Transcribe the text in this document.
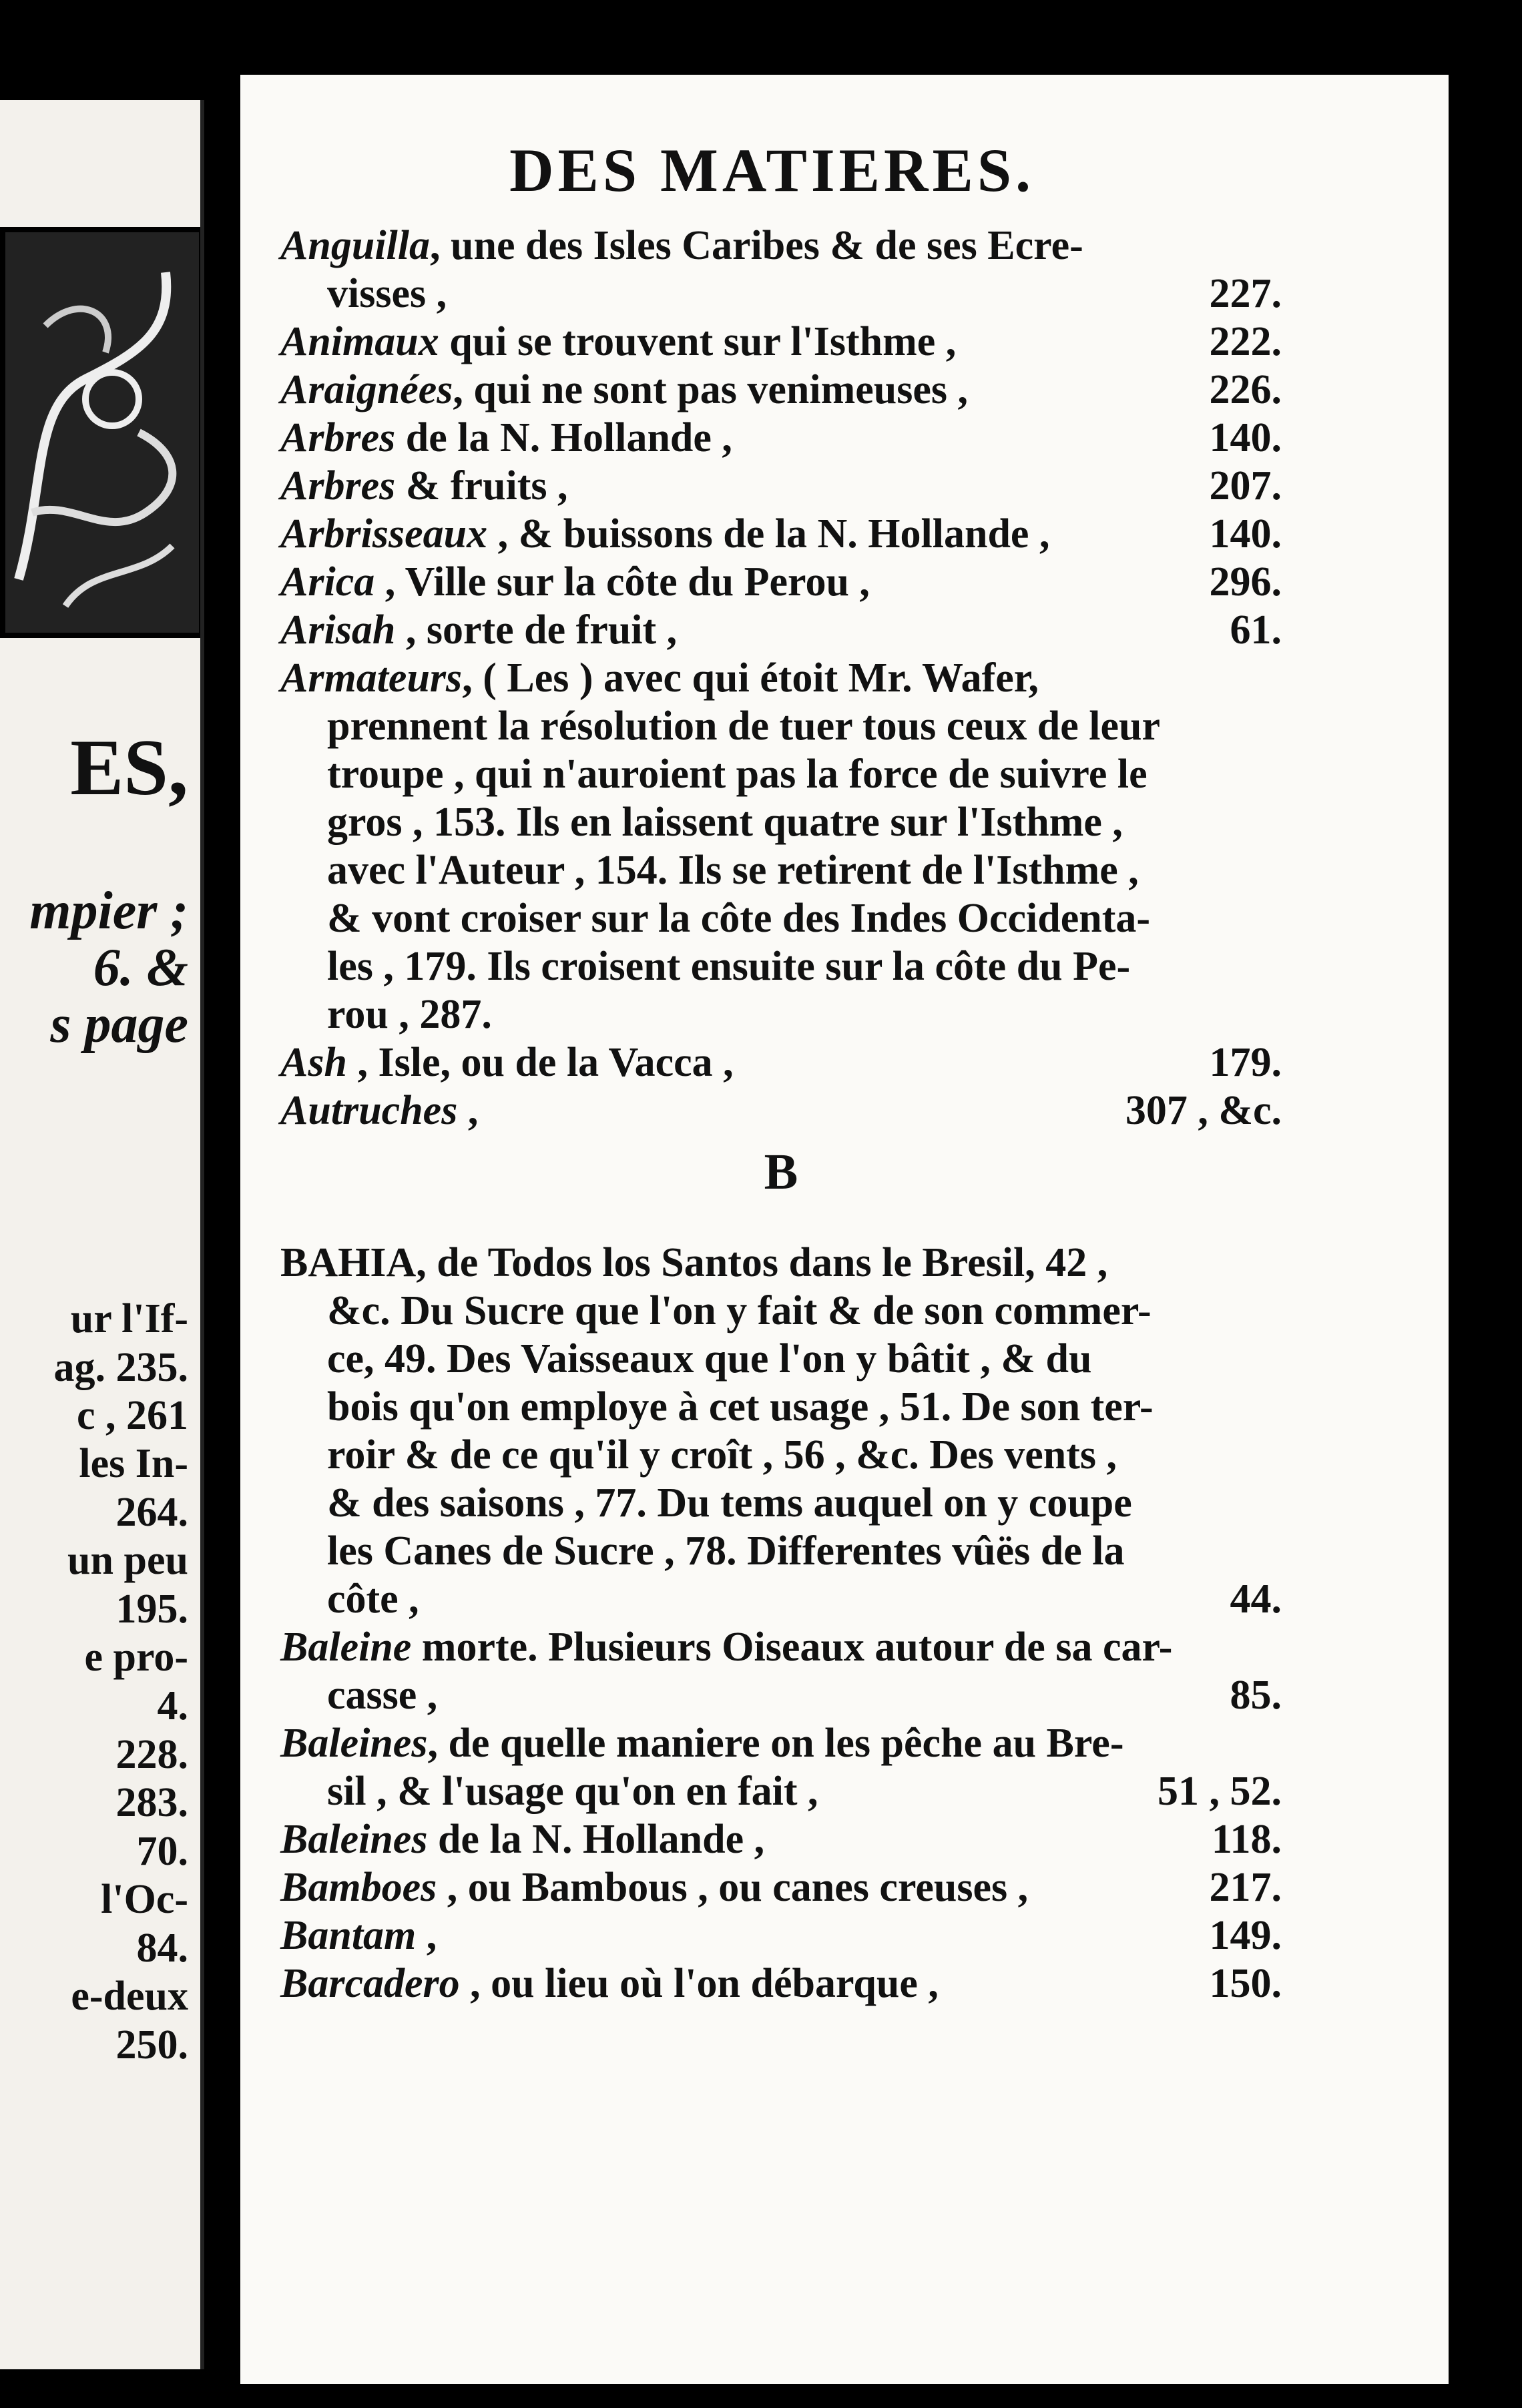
ES,
mpier ;
6. &
s page
ur l'If-
ag. 235.
c , 261
les In-
264.
un peu
195.
e pro-
4.
228.
283.
70.
l'Oc-
84.
e-deux
250.
DES MATIERES.
Anguilla, une des Isles Caribes & de ses Ecre-
visses ,	227.
Animaux qui se trouvent sur l'Isthme ,	222.
Araignées, qui ne sont pas venimeuses ,	226.
Arbres de la N. Hollande ,	140.
Arbres & fruits ,	207.
Arbrisseaux , & buissons de la N. Hollande ,	140.
Arica , Ville sur la côte du Perou ,	296.
Arisah , sorte de fruit ,	61.
Armateurs, ( Les ) avec qui étoit Mr. Wafer,
prennent la résolution de tuer tous ceux de leur
troupe , qui n'auroient pas la force de suivre le
gros , 153. Ils en laissent quatre sur l'Isthme ,
avec l'Auteur , 154. Ils se retirent de l'Isthme ,
& vont croiser sur la côte des Indes Occidenta-
les , 179. Ils croisent ensuite sur la côte du Pe-
rou , 287.
Ash , Isle, ou de la Vacca ,	179.
Autruches ,	307 , &c.
B
BAHIA, de Todos los Santos dans le Bresil, 42 ,
&c. Du Sucre que l'on y fait & de son commer-
ce, 49. Des Vaisseaux que l'on y bâtit , & du
bois qu'on employe à cet usage , 51. De son ter-
roir & de ce qu'il y croît , 56 , &c. Des vents ,
& des saisons , 77. Du tems auquel on y coupe
les Canes de Sucre , 78. Differentes vûës de la
côte ,	44.
Baleine morte. Plusieurs Oiseaux autour de sa car-
casse ,	85.
Baleines, de quelle maniere on les pêche au Bre-
sil , & l'usage qu'on en fait ,	51 , 52.
Baleines de la N. Hollande ,	118.
Bamboes , ou Bambous , ou canes creuses ,	217.
Bantam ,	149.
Barcadero , ou lieu où l'on débarque ,	150.
